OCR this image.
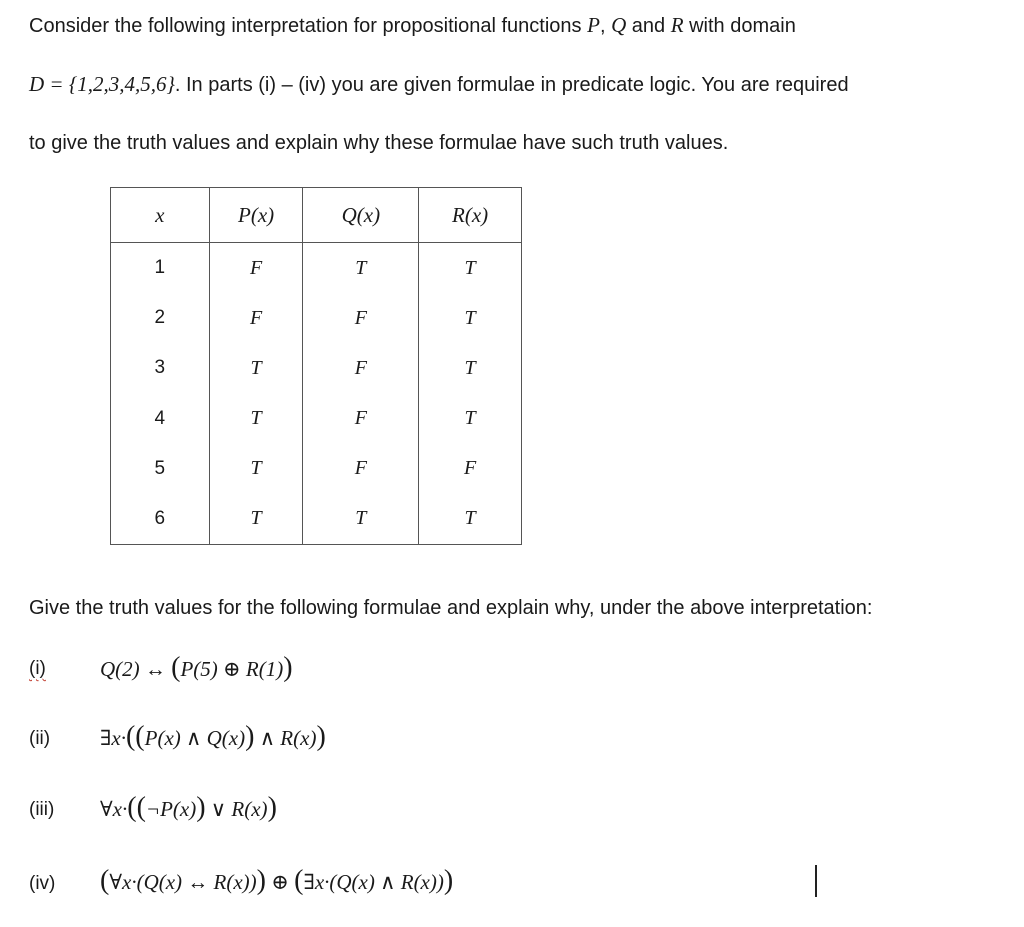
Consider the following interpretation for propositional functions P, Q and R with domain

D = {1,2,3,4,5,6}. In parts (i) – (iv) you are given formulae in predicate logic. You are required

to give the truth values and explain why these formulae have such truth values.

x	P(x)	Q(x)	R(x)
1	F	T	T
2	F	F	T
3	T	F	T
4	T	F	T
5	T	F	F
6	T	T	T

Give the truth values for the following formulae and explain why, under the above interpretation:

(i)	Q(2) ↔ (P(5) ⊕ R(1))
(ii) ∃x·((P(x) ∧ Q(x)) ∧ R(x))
(iii) ∀x·((¬P(x)) ∨ R(x))
(iv) (∀x·(Q(x) ↔ R(x))) ⊕ (∃x·(Q(x) ∧ R(x)))
